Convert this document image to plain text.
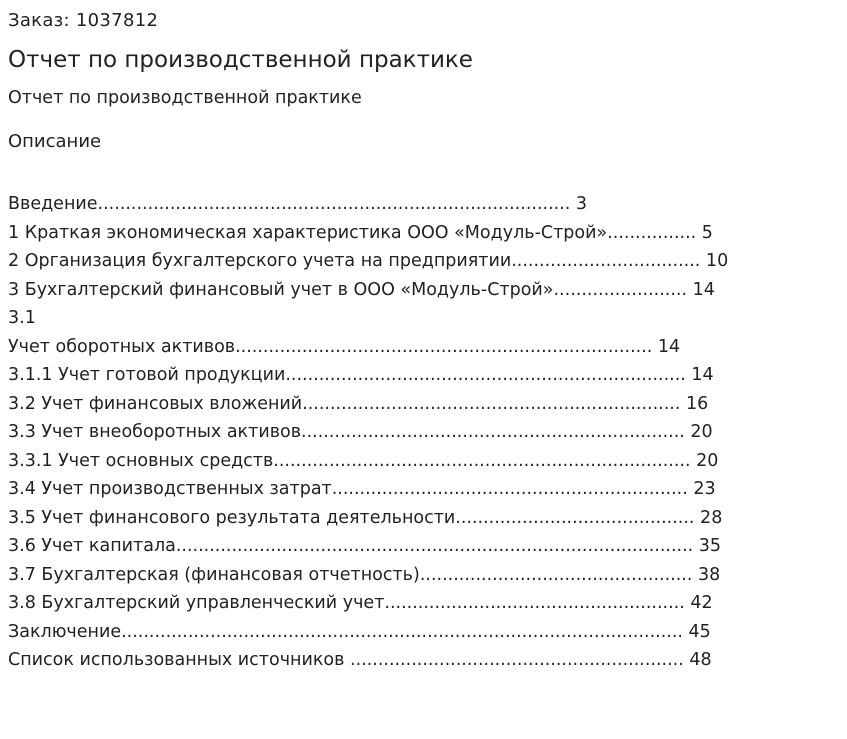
Заказ: 1037812
Отчет по производственной практике
Отчет по производственной практике
Описание
Введение..................................................................................... 3
1 Краткая экономическая характеристика ООО «Модуль-Строй»................ 5
2 Организация бухгалтерского учета на предприятии.................................. 10
3 Бухгалтерский финансовый учет в ООО «Модуль-Строй»........................ 14
3.1
Учет оборотных активов........................................................................... 14
3.1.1 Учет готовой продукции........................................................................ 14
3.2 Учет финансовых вложений.................................................................... 16
3.3 Учет внеоборотных активов..................................................................... 20
3.3.1 Учет основных средств........................................................................... 20
3.4 Учет производственных затрат................................................................ 23
3.5 Учет финансового результата деятельности........................................... 28
3.6 Учет капитала............................................................................................. 35
3.7 Бухгалтерская (финансовая отчетность)................................................. 38
3.8 Бухгалтерский управленческий учет...................................................... 42
Заключение..................................................................................................... 45
Список использованных источников ............................................................ 48
